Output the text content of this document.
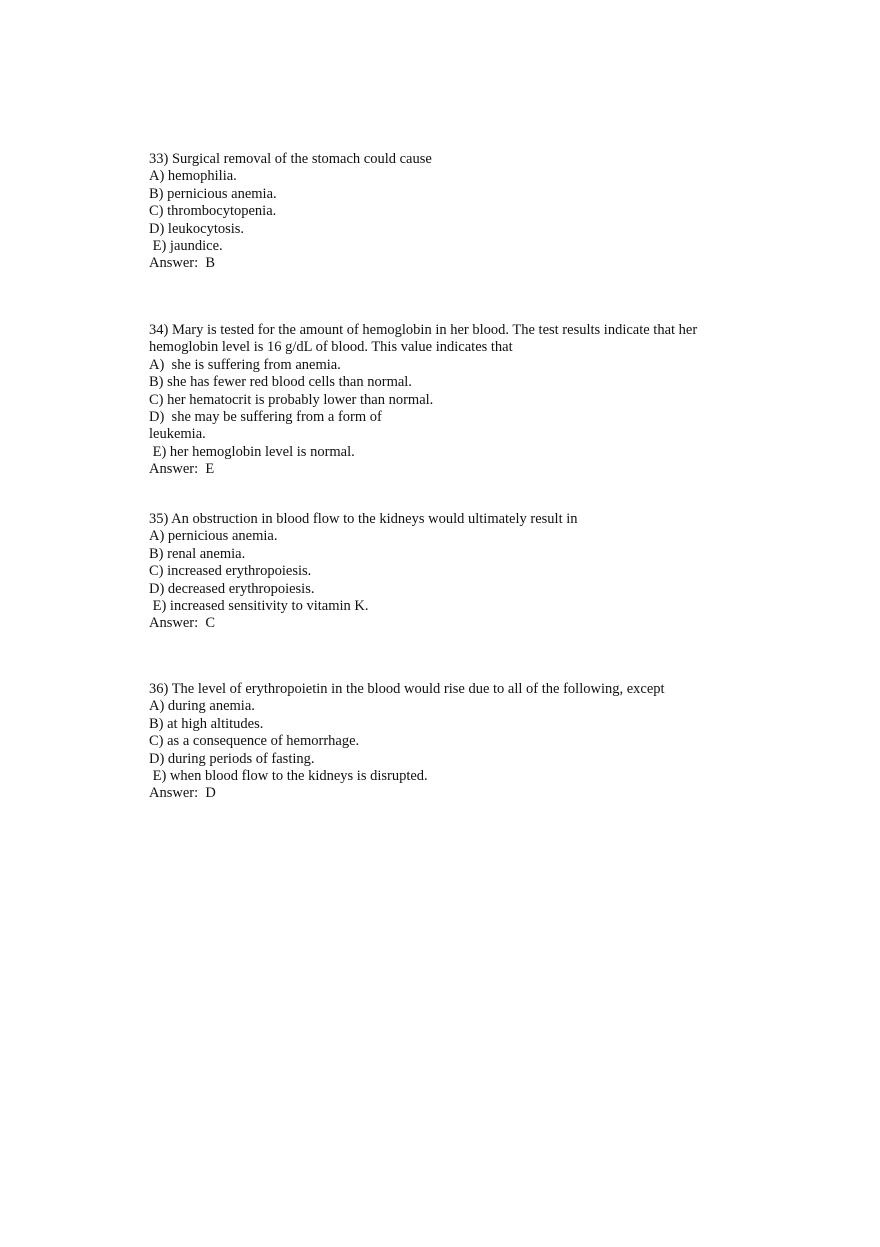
33) Surgical removal of the stomach could cause
A) hemophilia.
B) pernicious anemia.
C) thrombocytopenia.
D) leukocytosis.
E) jaundice.
Answer:  B
34) Mary is tested for the amount of hemoglobin in her blood. The test results indicate that her
hemoglobin level is 16 g/dL of blood. This value indicates that
A)  she is suffering from anemia.
B) she has fewer red blood cells than normal.
C) her hematocrit is probably lower than normal.
D)  she may be suffering from a form of
leukemia.
E) her hemoglobin level is normal.
Answer:  E
35) An obstruction in blood flow to the kidneys would ultimately result in
A) pernicious anemia.
B) renal anemia.
C) increased erythropoiesis.
D) decreased erythropoiesis.
E) increased sensitivity to vitamin K.
Answer:  C
36) The level of erythropoietin in the blood would rise due to all of the following, except
A) during anemia.
B) at high altitudes.
C) as a consequence of hemorrhage.
D) during periods of fasting.
E) when blood flow to the kidneys is disrupted.
Answer:  D
